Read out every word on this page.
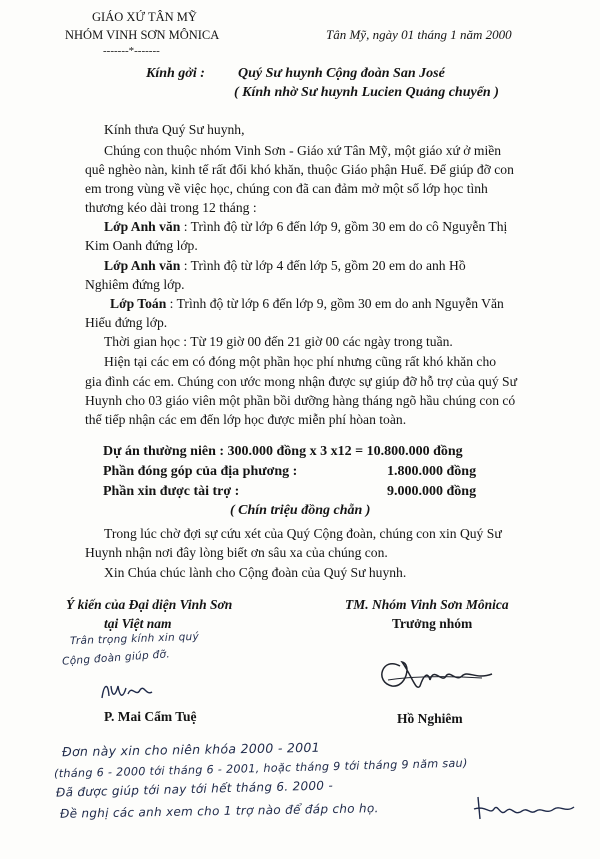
GIÁO XỨ TÂN MỸ
NHÓM VINH SƠN MÔNICA
-------*-------
Tân Mỹ, ngày 01 tháng 1 năm 2000
Kính gởi : Quý Sư huynh Cộng đoàn San José
( Kính nhờ Sư huynh Lucien Quảng chuyển )
Kính thưa Quý Sư huynh,
Chúng con thuộc nhóm Vinh Sơn - Giáo xứ Tân Mỹ, một giáo xứ ở miền
quê nghèo nàn, kinh tế rất đổi khó khăn, thuộc Giáo phận Huế. Để giúp đỡ con
em trong vùng về việc học, chúng con đã can đảm mở một số lớp học tình
thương kéo dài trong 12 tháng :
Lớp Anh văn : Trình độ từ lớp 6 đến lớp 9, gồm 30 em do cô Nguyễn Thị
Kim Oanh đứng lớp.
Lớp Anh văn : Trình độ từ lớp 4 đến lớp 5, gồm 20 em do anh Hồ
Nghiêm đứng lớp.
Lớp Toán : Trình độ từ lớp 6 đến lớp 9, gồm 30 em do anh Nguyễn Văn
Hiếu đứng lớp.
Thời gian học : Từ 19 giờ 00 đến 21 giờ 00 các ngày trong tuần.
Hiện tại các em có đóng một phần học phí nhưng cũng rất khó khăn cho
gia đình các em. Chúng con ước mong nhận được sự giúp đỡ hỗ trợ của quý Sư
Huynh cho 03 giáo viên một phần bồi dưỡng hàng tháng ngõ hầu chúng con có
thể tiếp nhận các em đến lớp học được miễn phí hòan toàn.
Dự án thường niên : 300.000 đồng x 3 x12 = 10.800.000 đồng
Phần đóng góp của địa phương :	1.800.000 đồng
Phần xin được tài trợ :	9.000.000 đồng
( Chín triệu đồng chẵn )
Trong lúc chờ đợi sự cứu xét của Quý Cộng đoàn, chúng con xin Quý Sư
Huynh nhận nơi đây lòng biết ơn sâu xa của chúng con.
Xin Chúa chúc lành cho Cộng đoàn của Quý Sư huynh.
Ý kiến của Đại diện Vinh Sơn
tại Việt nam
Trân trọng kính xin quý
Cộng đoàn giúp đỡ.
P. Mai Cẩm Tuệ
TM. Nhóm Vinh Sơn Mônica
Trưởng nhóm
Hồ Nghiêm
Đơn này xin cho niên khóa 2000 - 2001
(tháng 6 - 2000 tới tháng 6 - 2001, hoặc tháng 9 tới tháng 9 năm sau)
Đã được giúp tới nay tới hết tháng 6. 2000 -
Đề nghị các anh xem cho 1 trợ nào để đáp cho họ.
